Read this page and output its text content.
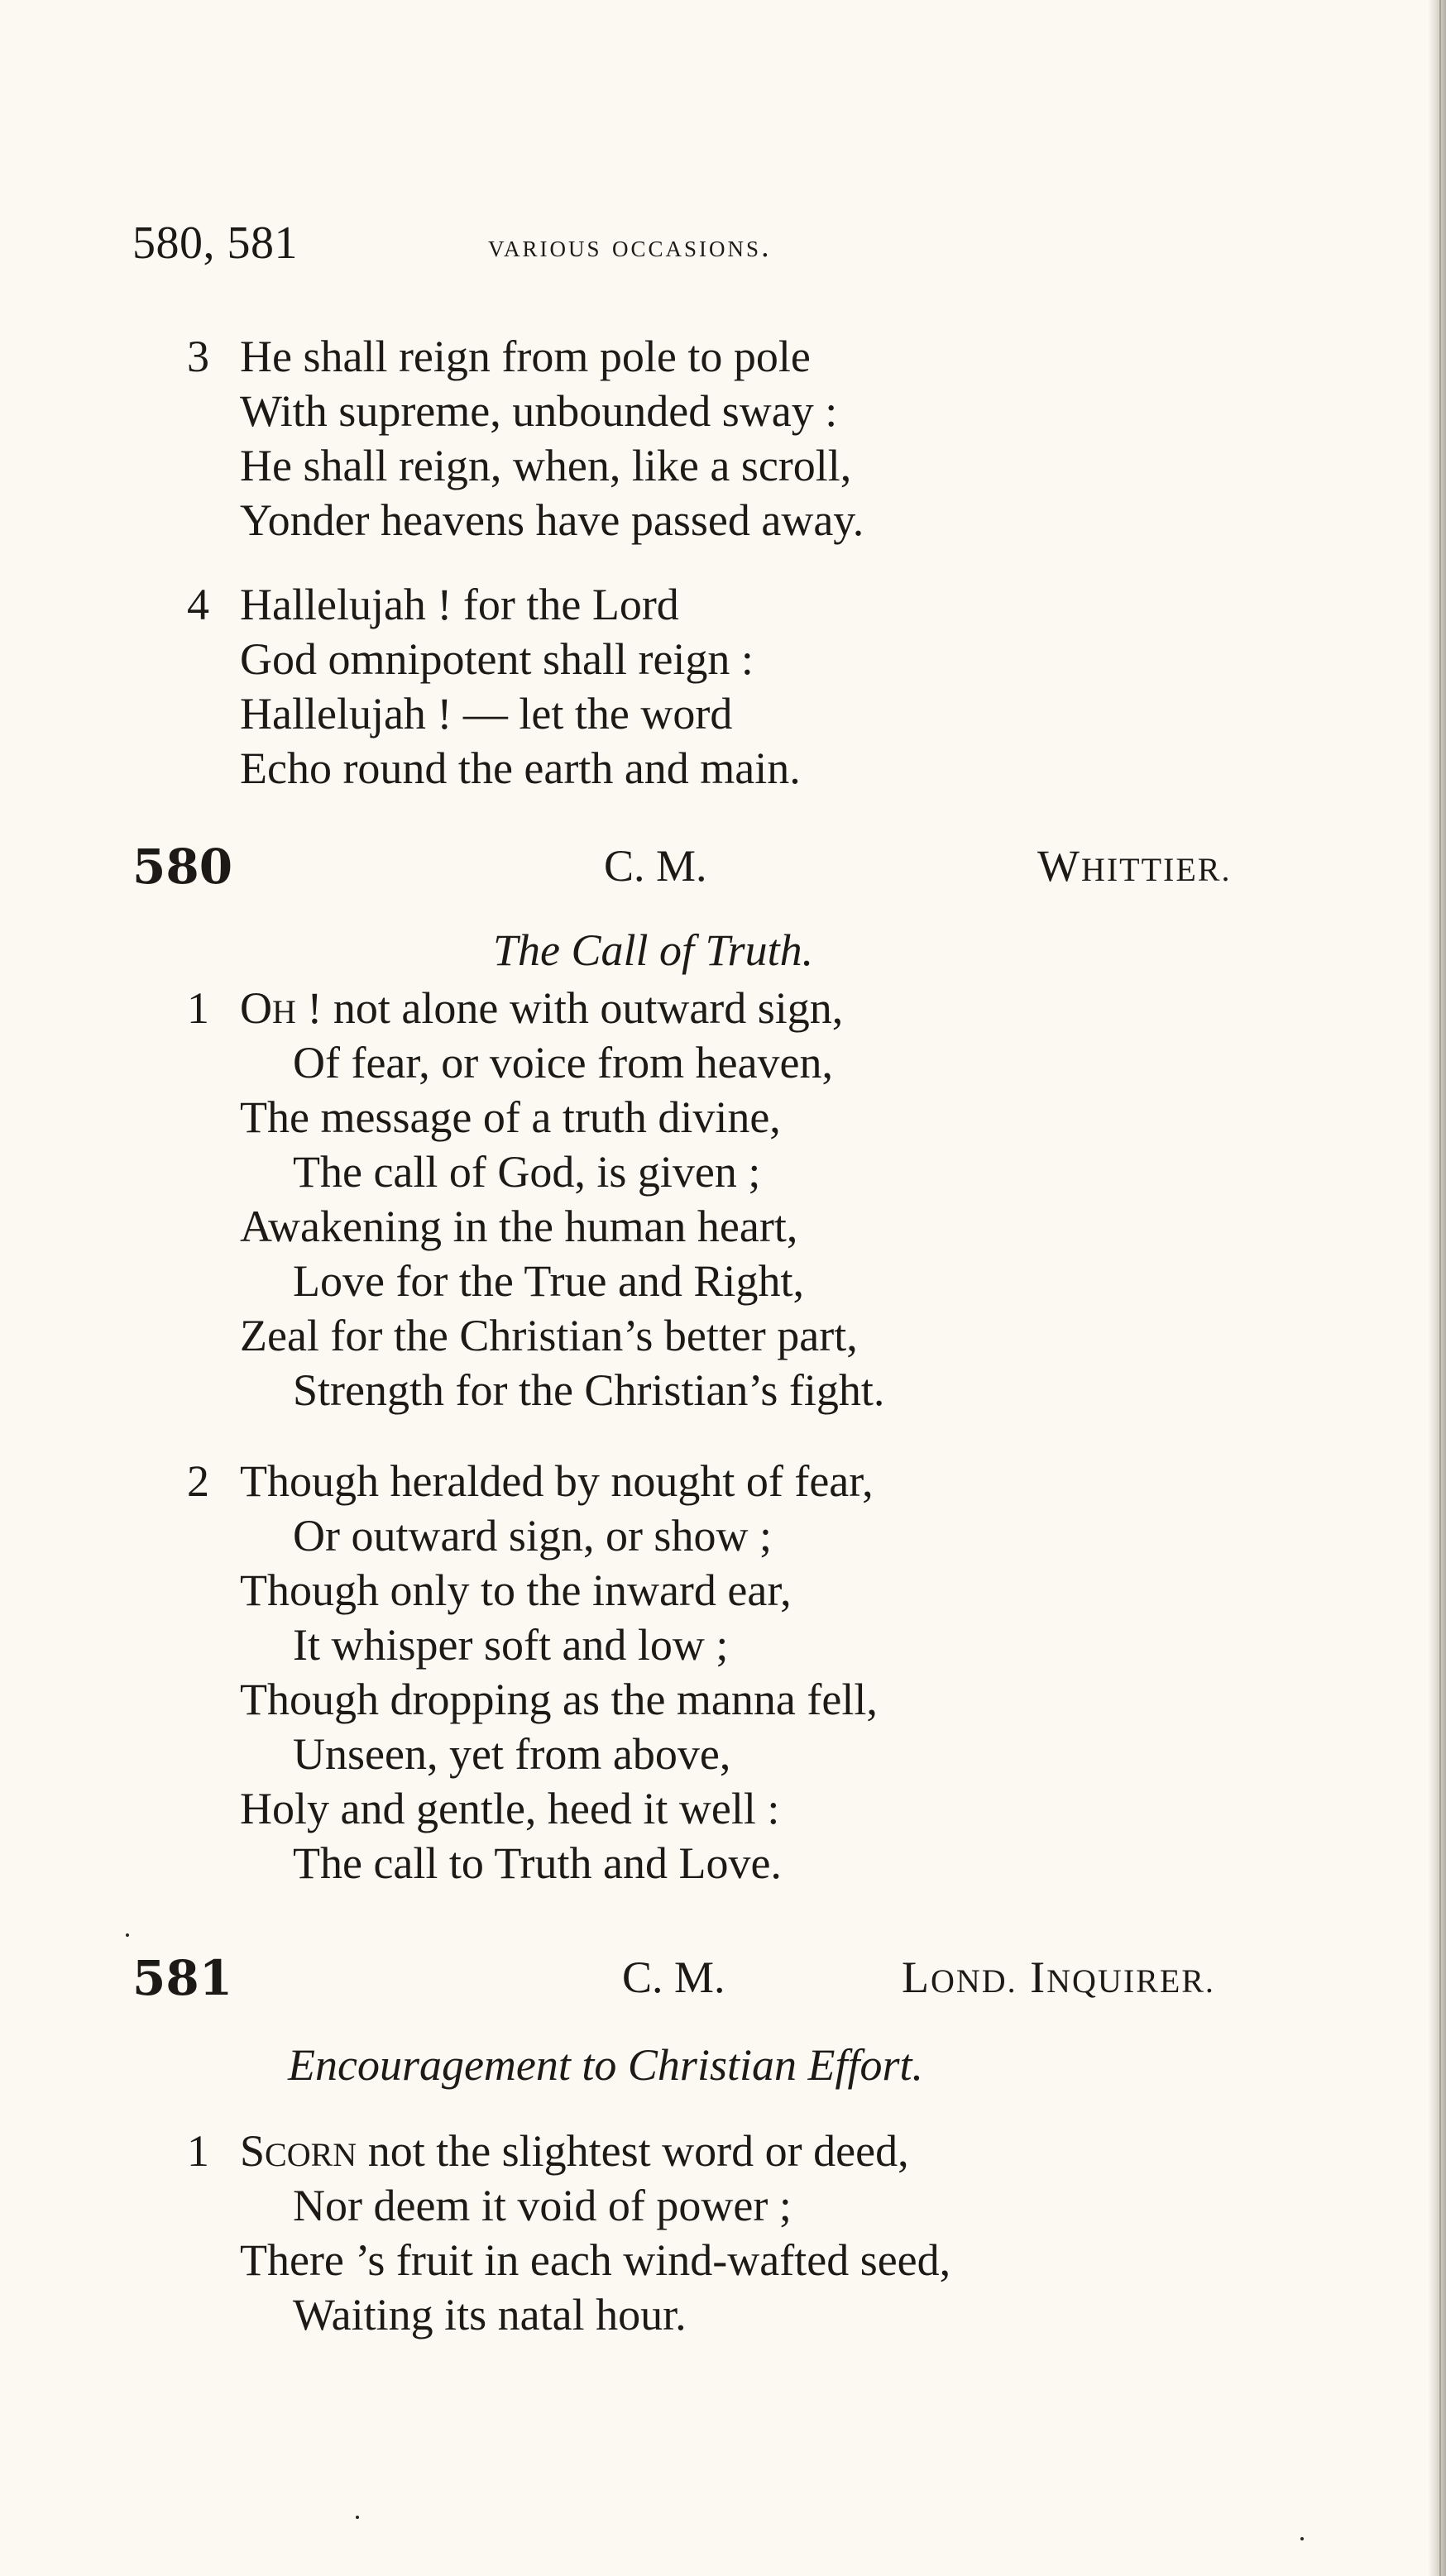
580, 581	various occasions.
3 He shall reign from pole to pole
With supreme, unbounded sway :
He shall reign, when, like a scroll,
Yonder heavens have passed away.
4 Hallelujah ! for the Lord
God omnipotent shall reign :
Hallelujah ! — let the word
Echo round the earth and main.
580	C. M.	WHITTIER.
The Call of Truth.
1 OH ! not alone with outward sign,
Of fear, or voice from heaven,
The message of a truth divine,
The call of God, is given ;
Awakening in the human heart,
Love for the True and Right,
Zeal for the Christian’s better part,
Strength for the Christian’s fight.
2 Though heralded by nought of fear,
Or outward sign, or show ;
Though only to the inward ear,
It whisper soft and low ;
Though dropping as the manna fell,
Unseen, yet from above,
Holy and gentle, heed it well :
The call to Truth and Love.
581	C. M.	LOND. INQUIRER.
Encouragement to Christian Effort.
1 SCORN not the slightest word or deed,
Nor deem it void of power ;
There ’s fruit in each wind-wafted seed,
Waiting its natal hour.
